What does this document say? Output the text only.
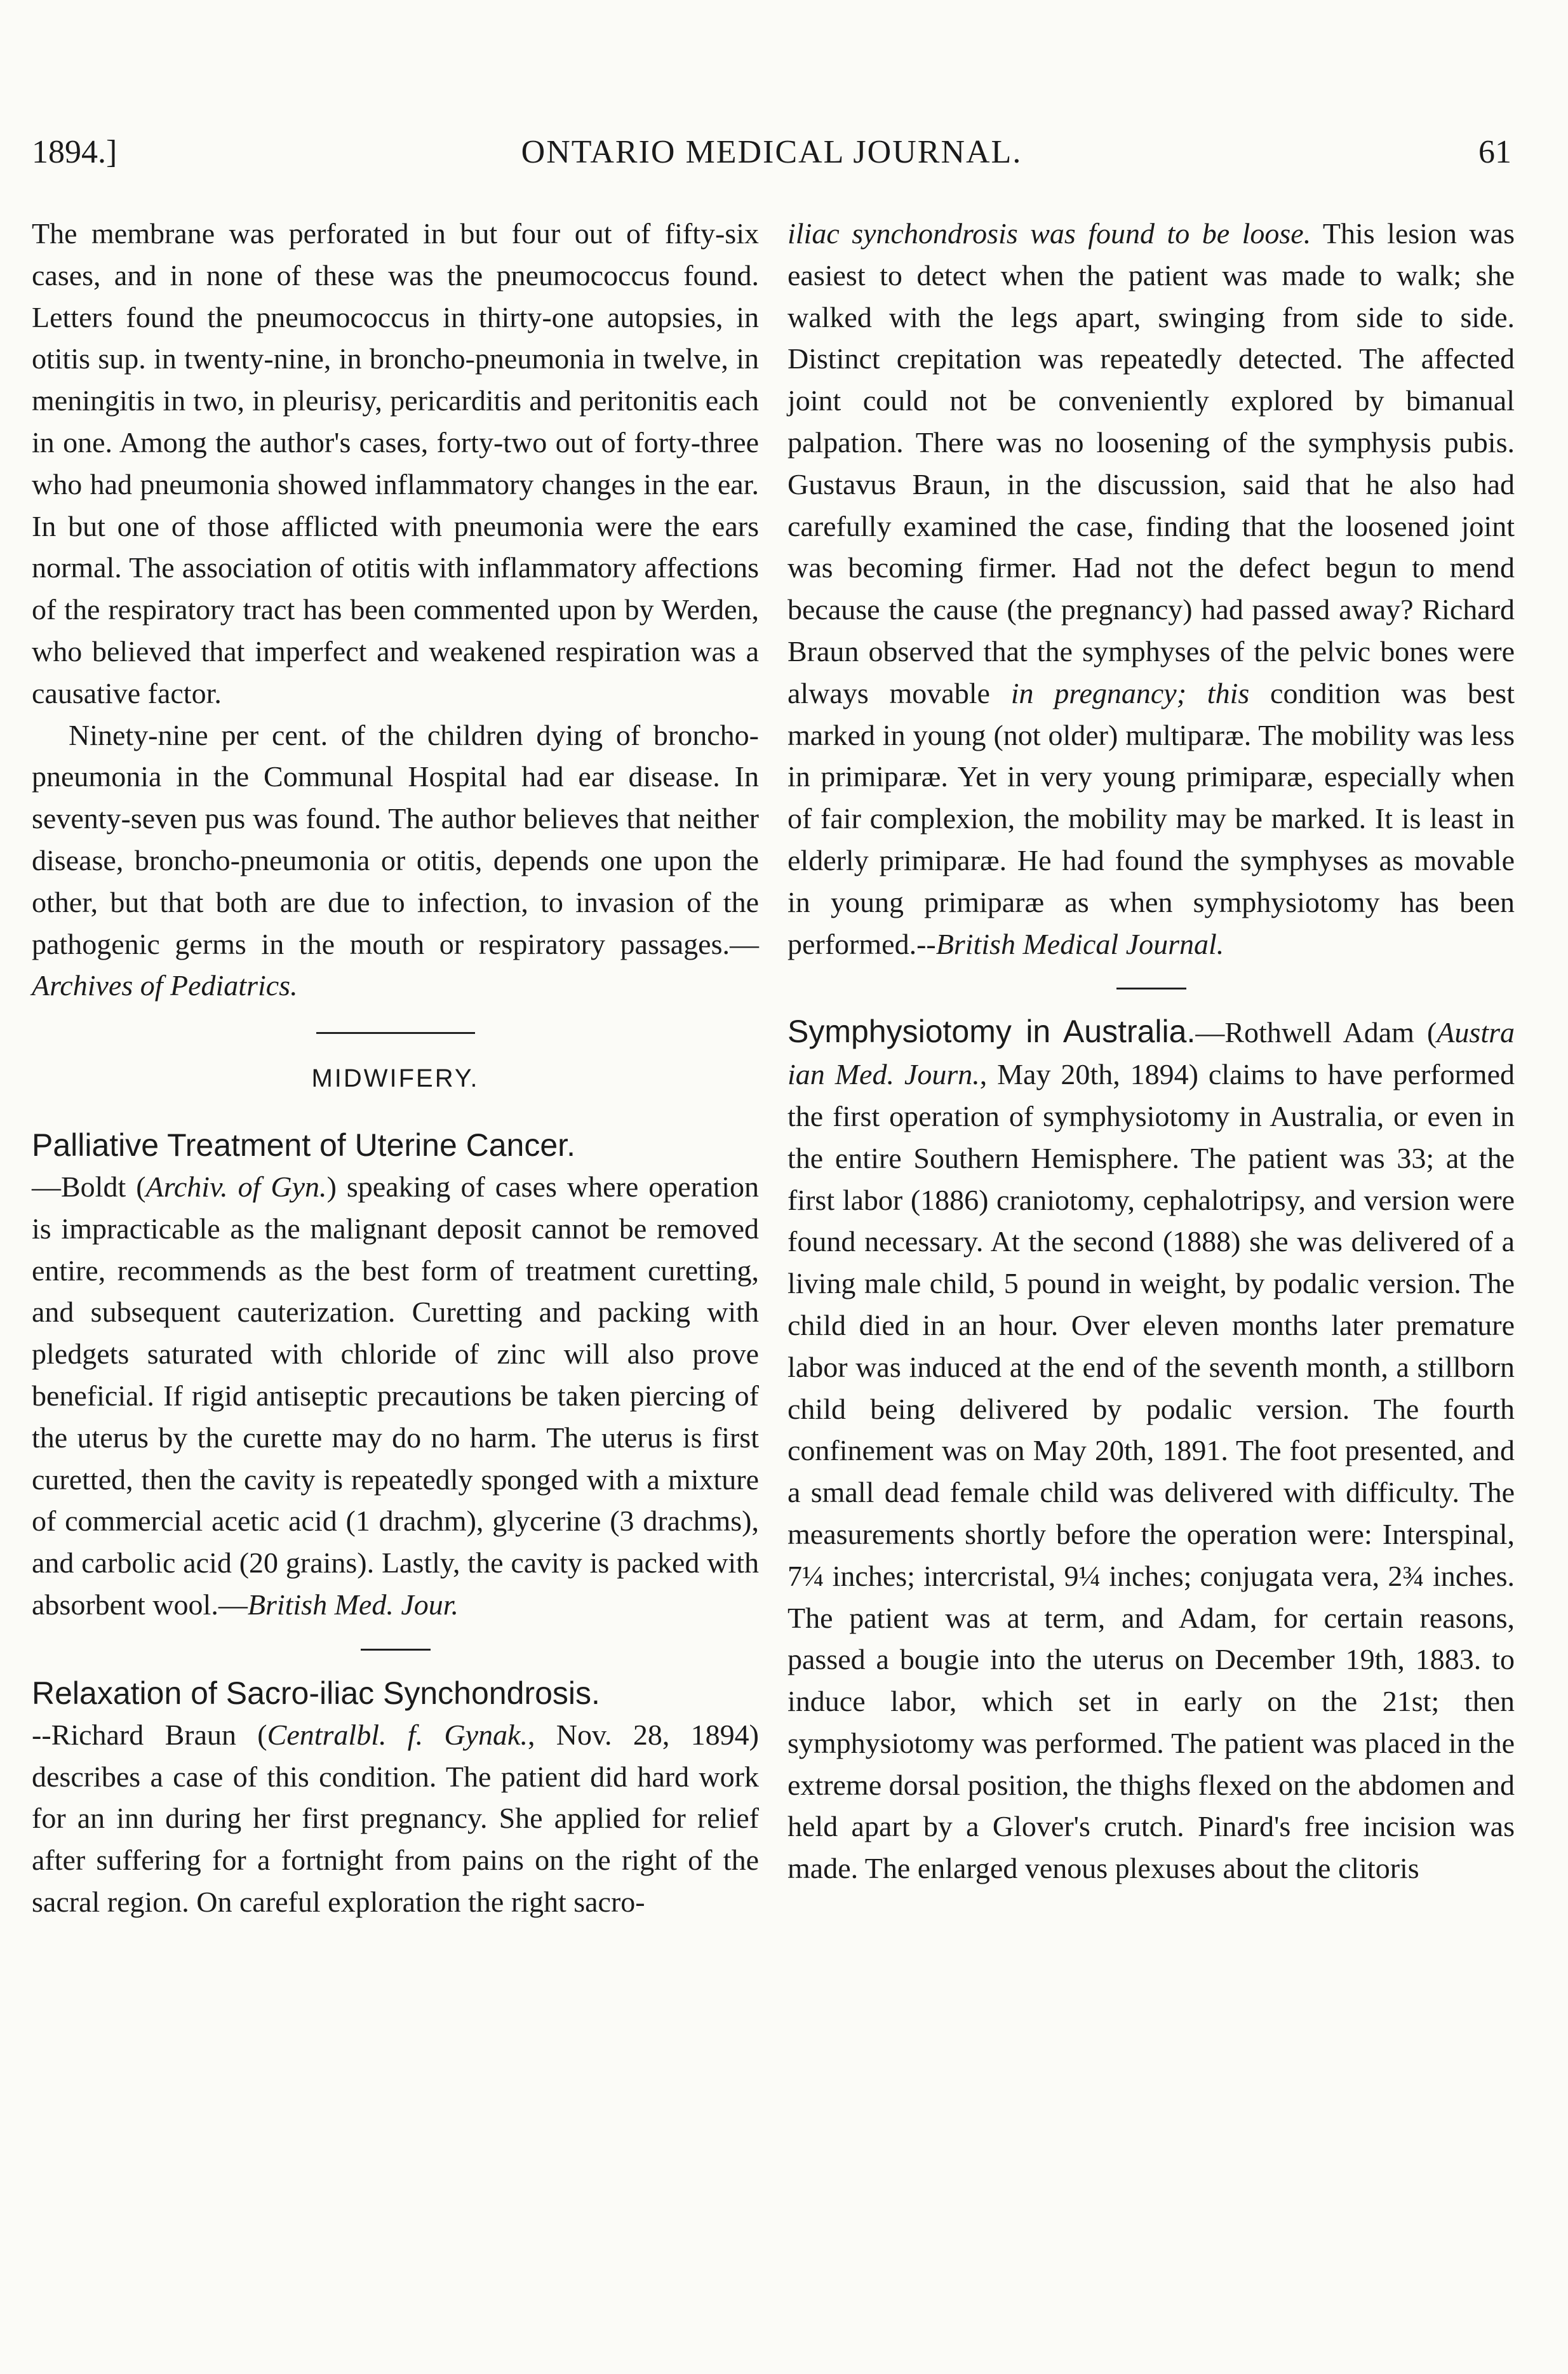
1894.]	ONTARIO MEDICAL JOURNAL.	61

The membrane was perforated in but four out of fifty-six cases, and in none of these was the pneumococcus found. Letters found the pneumococcus in thirty-one autopsies, in otitis sup. in twenty-nine, in broncho-pneumonia in twelve, in meningitis in two, in pleurisy, pericarditis and peritonitis each in one. Among the author's cases, forty-two out of forty-three who had pneumonia showed inflammatory changes in the ear. In but one of those afflicted with pneumonia were the ears normal. The association of otitis with inflammatory affections of the respiratory tract has been commented upon by Werden, who believed that imperfect and weakened respiration was a causative factor.

Ninety-nine per cent. of the children dying of broncho-pneumonia in the Communal Hospital had ear disease. In seventy-seven pus was found. The author believes that neither disease, broncho-pneumonia or otitis, depends one upon the other, but that both are due to infection, to invasion of the pathogenic germs in the mouth or respiratory passages.—Archives of Pediatrics.

MIDWIFERY.
Palliative Treatment of Uterine Cancer.

—Boldt (Archiv. of Gyn.) speaking of cases where operation is impracticable as the malignant deposit cannot be removed entire, recommends as the best form of treatment curetting, and subsequent cauterization. Curetting and packing with pledgets saturated with chloride of zinc will also prove beneficial. If rigid antiseptic precautions be taken piercing of the uterus by the curette may do no harm. The uterus is first curetted, then the cavity is repeatedly sponged with a mixture of commercial acetic acid (1 drachm), glycerine (3 drachms), and carbolic acid (20 grains). Lastly, the cavity is packed with absorbent wool.—British Med. Jour.

Relaxation of Sacro-iliac Synchondrosis.

--Richard Braun (Centralbl. f. Gynak., Nov. 28, 1894) describes a case of this condition. The patient did hard work for an inn during her first pregnancy. She applied for relief after suffering for a fortnight from pains on the right of the sacral region. On careful exploration the right sacro-

iliac synchondrosis was found to be loose. This lesion was easiest to detect when the patient was made to walk; she walked with the legs apart, swinging from side to side. Distinct crepitation was repeatedly detected. The affected joint could not be conveniently explored by bimanual palpation. There was no loosening of the symphysis pubis. Gustavus Braun, in the discussion, said that he also had carefully examined the case, finding that the loosened joint was becoming firmer. Had not the defect begun to mend because the cause (the pregnancy) had passed away? Richard Braun observed that the symphyses of the pelvic bones were always movable in pregnancy; this condition was best marked in young (not older) multiparæ. The mobility was less in primiparæ. Yet in very young primiparæ, especially when of fair complexion, the mobility may be marked. It is least in elderly primiparæ. He had found the symphyses as movable in young primiparæ as when symphysiotomy has been performed.--British Medical Journal.

Symphysiotomy in Australia.—Rothwell Adam (Austra ian Med. Journ., May 20th, 1894) claims to have performed the first operation of symphysiotomy in Australia, or even in the entire Southern Hemisphere. The patient was 33; at the first labor (1886) craniotomy, cephalotripsy, and version were found necessary. At the second (1888) she was delivered of a living male child, 5 pound in weight, by podalic version. The child died in an hour. Over eleven months later premature labor was induced at the end of the seventh month, a stillborn child being delivered by podalic version. The fourth confinement was on May 20th, 1891. The foot presented, and a small dead female child was delivered with difficulty. The measurements shortly before the operation were: Interspinal, 7¼ inches; intercristal, 9¼ inches; conjugata vera, 2¾ inches. The patient was at term, and Adam, for certain reasons, passed a bougie into the uterus on December 19th, 1883. to induce labor, which set in early on the 21st; then symphysiotomy was performed. The patient was placed in the extreme dorsal position, the thighs flexed on the abdomen and held apart by a Glover's crutch. Pinard's free incision was made. The enlarged venous plexuses about the clitoris
